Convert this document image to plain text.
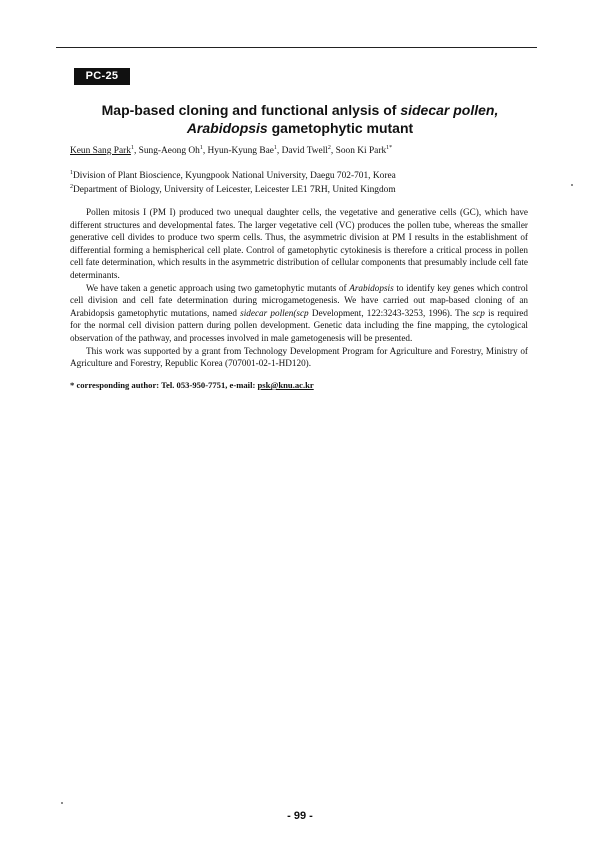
PC-25
Map-based cloning and functional anlysis of sidecar pollen,
Arabidopsis gametophytic mutant
Keun Sang Park$^1$, Sung-Aeong Oh$^1$, Hyun-Kyung Bae$^1$, David Twell$^2$, Soon Ki Park$^{1*}$
$^1$Division of Plant Bioscience, Kyungpook National University, Daegu 702-701, Korea
$^2$Department of Biology, University of Leicester, Leicester LE1 7RH, United Kingdom

Pollen mitosis I (PM I) produced two unequal daughter cells, the vegetative and generative cells (GC), which have different structures and developmental fates. The larger vegetative cell (VC) produces the pollen tube, whereas the smaller generative cell divides to produce two sperm cells. Thus, the asymmetric division at PM I results in the establishment of differential forming a hemispherical cell plate. Control of gametophytic cytokinesis is therefore a critical process in pollen cell fate determination, which results in the asymmetric distribution of cellular components that presumably include cell fate determinants.

We have taken a genetic approach using two gametophytic mutants of Arabidopsis to identify key genes which control cell division and cell fate determination during microgametogenesis. We have carried out map-based cloning of an Arabidopsis gametophytic mutations, named sidecar pollen(scp Development, 122:3243-3253, 1996). The scp is required for the normal cell division pattern during pollen development. Genetic data including the fine mapping, the cytological observation of the pathway, and processes involved in male gametogenesis will be presented.

This work was supported by a grant from Technology Development Program for Agriculture and Forestry, Ministry of Agriculture and Forestry, Republic Korea (707001-02-1-HD120).

* corresponding author: Tel. 053-950-7751, e-mail: psk@knu.ac.kr
- 99 -
